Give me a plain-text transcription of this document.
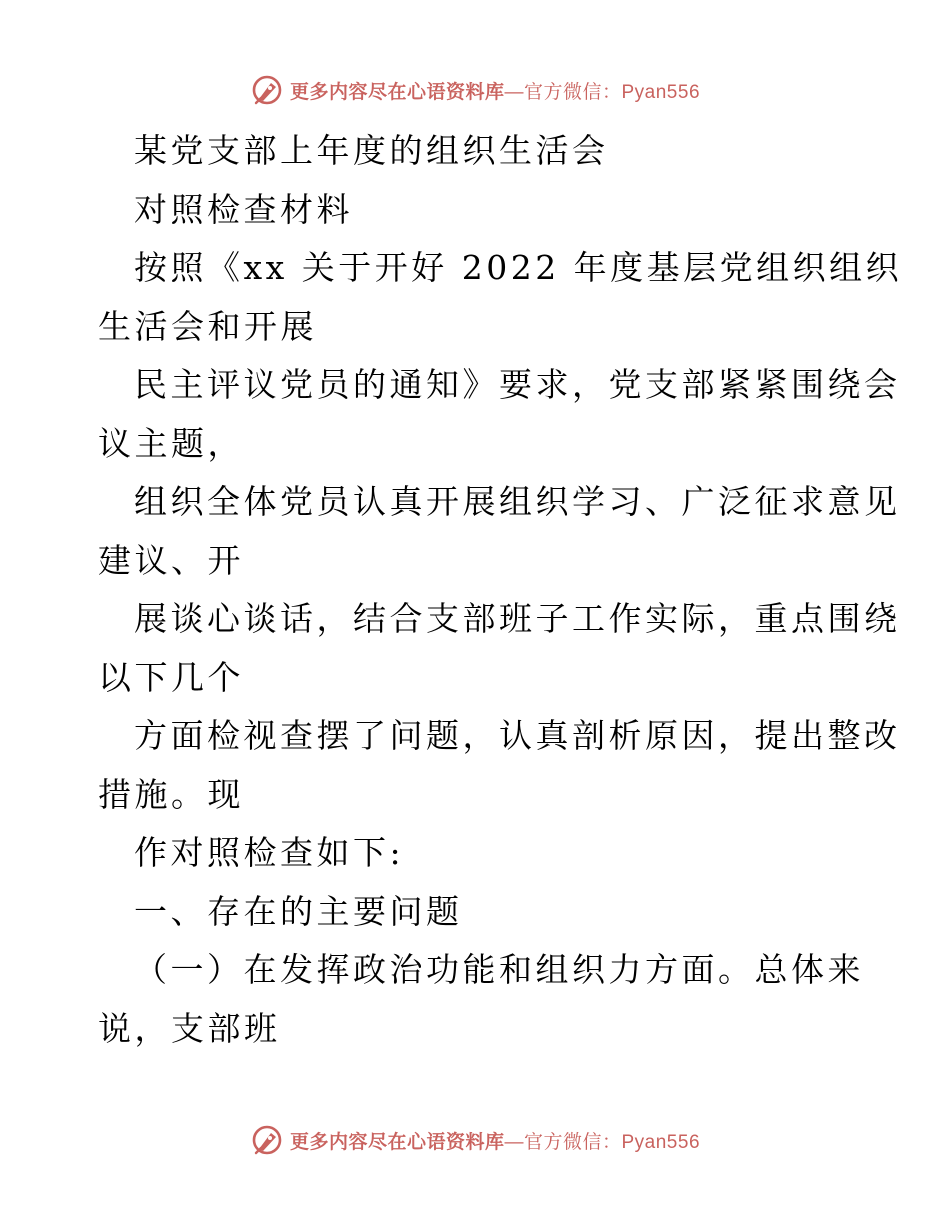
更多内容尽在心语资料库—官方微信：Pyan556
某党支部上年度的组织生活会
对照检查材料
按照《xx 关于开好 2022 年度基层党组织组织
生活会和开展
民主评议党员的通知》要求，党支部紧紧围绕会
议主题，
组织全体党员认真开展组织学习、广泛征求意见
建议、开
展谈心谈话，结合支部班子工作实际，重点围绕
以下几个
方面检视查摆了问题，认真剖析原因，提出整改
措施。现
作对照检查如下:
一、存在的主要问题
（一）在发挥政治功能和组织力方面。总体来
说，支部班
更多内容尽在心语资料库—官方微信：Pyan556
